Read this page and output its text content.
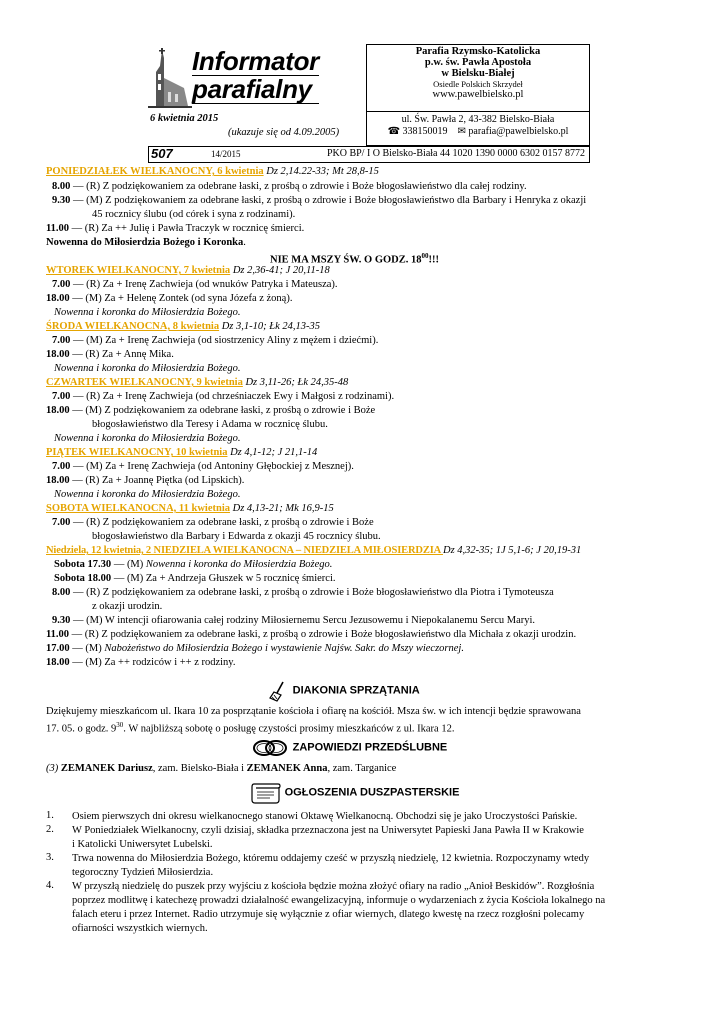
Informator
parafialny
Parafia Rzymsko-Katolicka
p.w. św. Pawła Apostoła
w Bielsku-Białej
Osiedle Polskich Skrzydeł
www.pawelbielsko.pl
6 kwietnia 2015
(ukazuje się od 4.09.2005)
ul. Św. Pawła 2, 43-382 Bielsko-Biała
☎ 338150019 ✉ parafia@pawelbielsko.pl
507	14/2015	PKO BP/ I O Bielsko-Biała 44 1020 1390 0000 6302 0157 8772
PONIEDZIAŁEK WIELKANOCNY, 6 kwietnia Dz 2,14.22-33; Mt 28,8-15
8.00 — (R) Z podziękowaniem za odebrane łaski, z prośbą o zdrowie i Boże błogosławieństwo dla całej rodziny.
9.30 — (M) Z podziękowaniem za odebrane łaski, z prośbą o zdrowie i Boże błogosławieństwo dla Barbary i Henryka z okazji
45 rocznicy ślubu (od córek i syna z rodzinami).
11.00 — (R) Za ++ Julię i Pawła Traczyk w rocznicę śmierci.
Nowenna do Miłosierdzia Bożego i Koronka.
NIE MA MSZY ŚW. O GODZ. $18^{00}$!!!
WTOREK WIELKANOCNY, 7 kwietnia Dz 2,36-41; J 20,11-18
7.00 — (R) Za + Irenę Zachwieja (od wnuków Patryka i Mateusza).
18.00 — (M) Za + Helenę Zontek (od syna Józefa z żoną).
Nowenna i koronka do Miłosierdzia Bożego.
ŚRODA WIELKANOCNA, 8 kwietnia Dz 3,1-10; Łk 24,13-35
7.00 — (M) Za + Irenę Zachwieja (od siostrzenicy Aliny z mężem i dziećmi).
18.00 — (R) Za + Annę Mika.
Nowenna i koronka do Miłosierdzia Bożego.
CZWARTEK WIELKANOCNY, 9 kwietnia Dz 3,11-26; Łk 24,35-48
7.00 — (R) Za + Irenę Zachwieja (od chrześniaczek Ewy i Małgosi z rodzinami).
18.00 — (M) Z podziękowaniem za odebrane łaski, z prośbą o zdrowie i Boże
błogosławieństwo dla Teresy i Adama w rocznicę ślubu.
Nowenna i koronka do Miłosierdzia Bożego.
PIĄTEK WIELKANOCNY, 10 kwietnia Dz 4,1-12; J 21,1-14
7.00 — (M) Za + Irenę Zachwieja (od Antoniny Głębockiej z Mesznej).
18.00 — (R) Za + Joannę Piętka (od Lipskich).
Nowenna i koronka do Miłosierdzia Bożego.
SOBOTA WIELKANOCNA, 11 kwietnia Dz 4,13-21; Mk 16,9-15
7.00 — (R) Z podziękowaniem za odebrane łaski, z prośbą o zdrowie i Boże
błogosławieństwo dla Barbary i Edwarda z okazji 45 rocznicy ślubu.
Niedziela, 12 kwietnia, 2 NIEDZIELA WIELKANOCNA – NIEDZIELA MIŁOSIERDZIA Dz 4,32-35; 1J 5,1-6; J 20,19-31
Sobota 17.30 — (M) Nowenna i koronka do Miłosierdzia Bożego.
Sobota 18.00 — (M) Za + Andrzeja Głuszek w 5 rocznicę śmierci.
8.00 — (R) Z podziękowaniem za odebrane łaski, z prośbą o zdrowie i Boże błogosławieństwo dla Piotra i Tymoteusza
z okazji urodzin.
9.30 — (M) W intencji ofiarowania całej rodziny Miłosiernemu Sercu Jezusowemu i Niepokalanemu Sercu Maryi.
11.00 — (R) Z podziękowaniem za odebrane łaski, z prośbą o zdrowie i Boże błogosławieństwo dla Michała z okazji urodzin.
17.00 — (M) Nabożeństwo do Miłosierdzia Bożego i wystawienie Najśw. Sakr. do Mszy wieczornej.
18.00 — (M) Za ++ rodziców i ++ z rodziny.
DIAKONIA SPRZĄTANIA
Dziękujemy mieszkańcom ul. Ikara 10 za posprzątanie kościoła i ofiarę na kościół. Msza św. w ich intencji będzie sprawowana
17. 05. o godz. $9^{30}$. W najbliższą sobotę o posługę czystości prosimy mieszkańców z ul. Ikara 12.
ZAPOWIEDZI PRZEDŚLUBNE
(3) ZEMANEK Dariusz, zam. Bielsko-Biała i ZEMANEK Anna, zam. Targanice
OGŁOSZENIA DUSZPASTERSKIE
1. Osiem pierwszych dni okresu wielkanocnego stanowi Oktawę Wielkanocną. Obchodzi się je jako Uroczystości Pańskie.
2. W Poniedziałek Wielkanocny, czyli dzisiaj, składka przeznaczona jest na Uniwersytet Papieski Jana Pawła II w Krakowie
i Katolicki Uniwersytet Lubelski.
3. Trwa nowenna do Miłosierdzia Bożego, któremu oddajemy cześć w przyszłą niedzielę, 12 kwietnia. Rozpoczynamy wtedy
tegoroczny Tydzień Miłosierdzia.
4. W przyszłą niedzielę do puszek przy wyjściu z kościoła będzie można złożyć ofiary na radio „Anioł Beskidów”. Rozgłośnia
poprzez modlitwę i katechezę prowadzi działalność ewangelizacyjną, informuje o wydarzeniach z życia Kościoła lokalnego na
falach eteru i przez Internet. Radio utrzymuje się wyłącznie z ofiar wiernych, dlatego kwestę na rzecz rozgłośni polecamy
ofiarności wszystkich wiernych.
